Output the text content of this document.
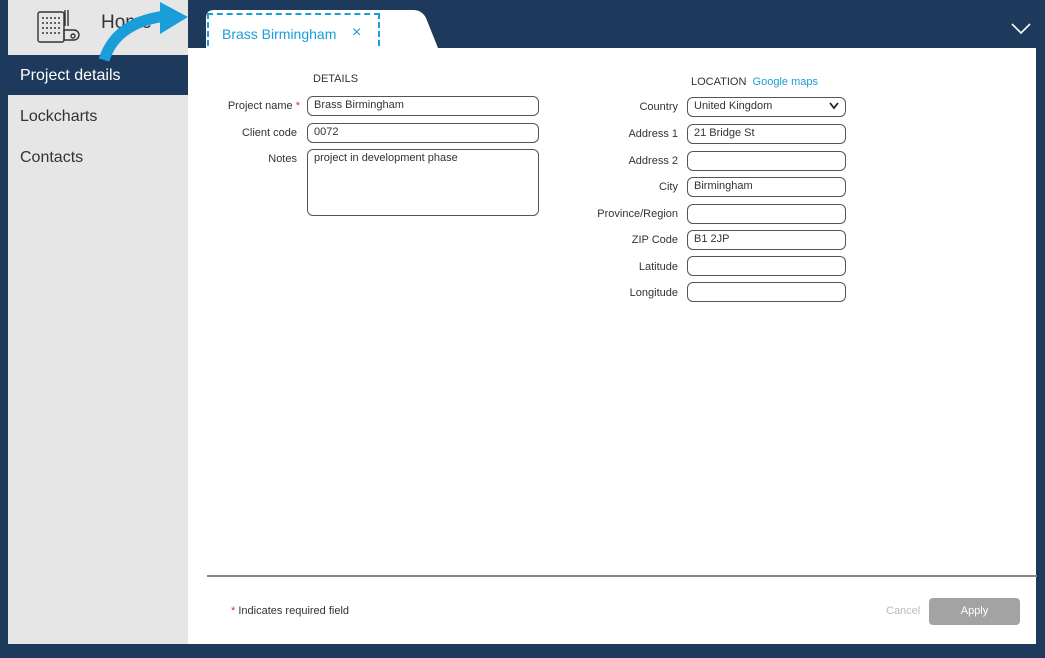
Home
Brass Birmingham ×
Project details
Lockcharts
Contacts
DETAILS
Project name *	Brass Birmingham
Client code	0072
Notes	project in development phase
LOCATION Google maps
Country	United Kingdom
Address 1	21 Bridge St
Address 2
City	Birmingham
Province/Region
ZIP Code	B1 2JP
Latitude
Longitude
* Indicates required field	Cancel	Apply
